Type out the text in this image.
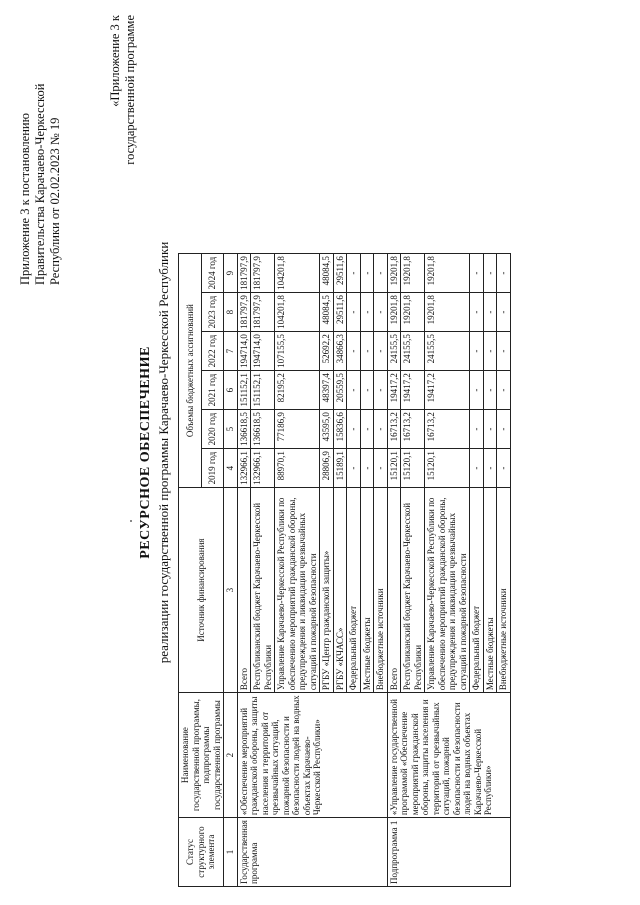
Приложение 3 к постановлению Правительства Карачаево-Черкесской Республики от 02.02.2023 № 19
«Приложение 3 к государственной программе
РЕСУРСНОЕ ОБЕСПЕЧЕНИЕ реализации государственной программы Карачаево-Черкесской Республики
Статус структурного элемента	Наименование государственной программы, подпрограммы государственной программы	Источник финансирования	Объемы бюджетных ассигнований					
			2019 год	2020 год	2021 год	2022 год	2023 год	2024 год
1	2	3	4	5	6	7	8	9
Государственная программа	«Обеспечение мероприятий гражданской обороны, защиты населения и территорий от чрезвычайных ситуаций, пожарной безопасности и безопасности людей на водных объектах Карачаево-Черкесской Республики»	Всего	132966,1	136618,5	151152,1	194714,0	181797,9	181797,9
		Республиканский бюджет Карачаево-Черкесской Республики	132966,1	136618,5	151152,1	194714,0	181797,9	181797,9
		Управление Карачаево-Черкесской Республики по обеспечению мероприятий гражданской обороны, предупреждения и ликвидации чрезвычайных ситуаций и пожарной безопасности	88970,1	77186,9	82195,2	107155,5	104201,8	104201,8
		РГБУ «Центр гражданской защиты»	28806,9	43595,0	48397,4	52692,2	48084,5	48084,5
		РГБУ «КЧАСС»	15189,1	15836,6	20559,5	34866,3	29511,6	29511,6
		Федеральный бюджет	-	-	-	-	-	-
		Местные бюджеты	-	-	-	-	-	-
		Внебюджетные источники	-	-	-	-	-	-
Подпрограмма 1	«Управление государственной программой «Обеспечение мероприятий гражданской обороны, защиты населения и территорий от чрезвычайных ситуаций, пожарной безопасности и безопасности людей на водных объектах Карачаево-Черкесской Республики»	Всего	15120,1	16713,2	19417,2	24155,5	19201,8	19201,8
		Республиканский бюджет Карачаево-Черкесской Республики	15120,1	16713,2	19417,2	24155,5	19201,8	19201,8
		Управление Карачаево-Черкесской Республики по обеспечению мероприятий гражданской обороны, предупреждения и ликвидации чрезвычайных ситуаций и пожарной безопасности	15120,1	16713,2	19417,2	24155,5	19201,8	19201,8
		Федеральный бюджет	-	-	-	-	-	-
		Местные бюджеты	-	-	-	-	-	-
		Внебюджетные источники	-	-	-	-	-	-
